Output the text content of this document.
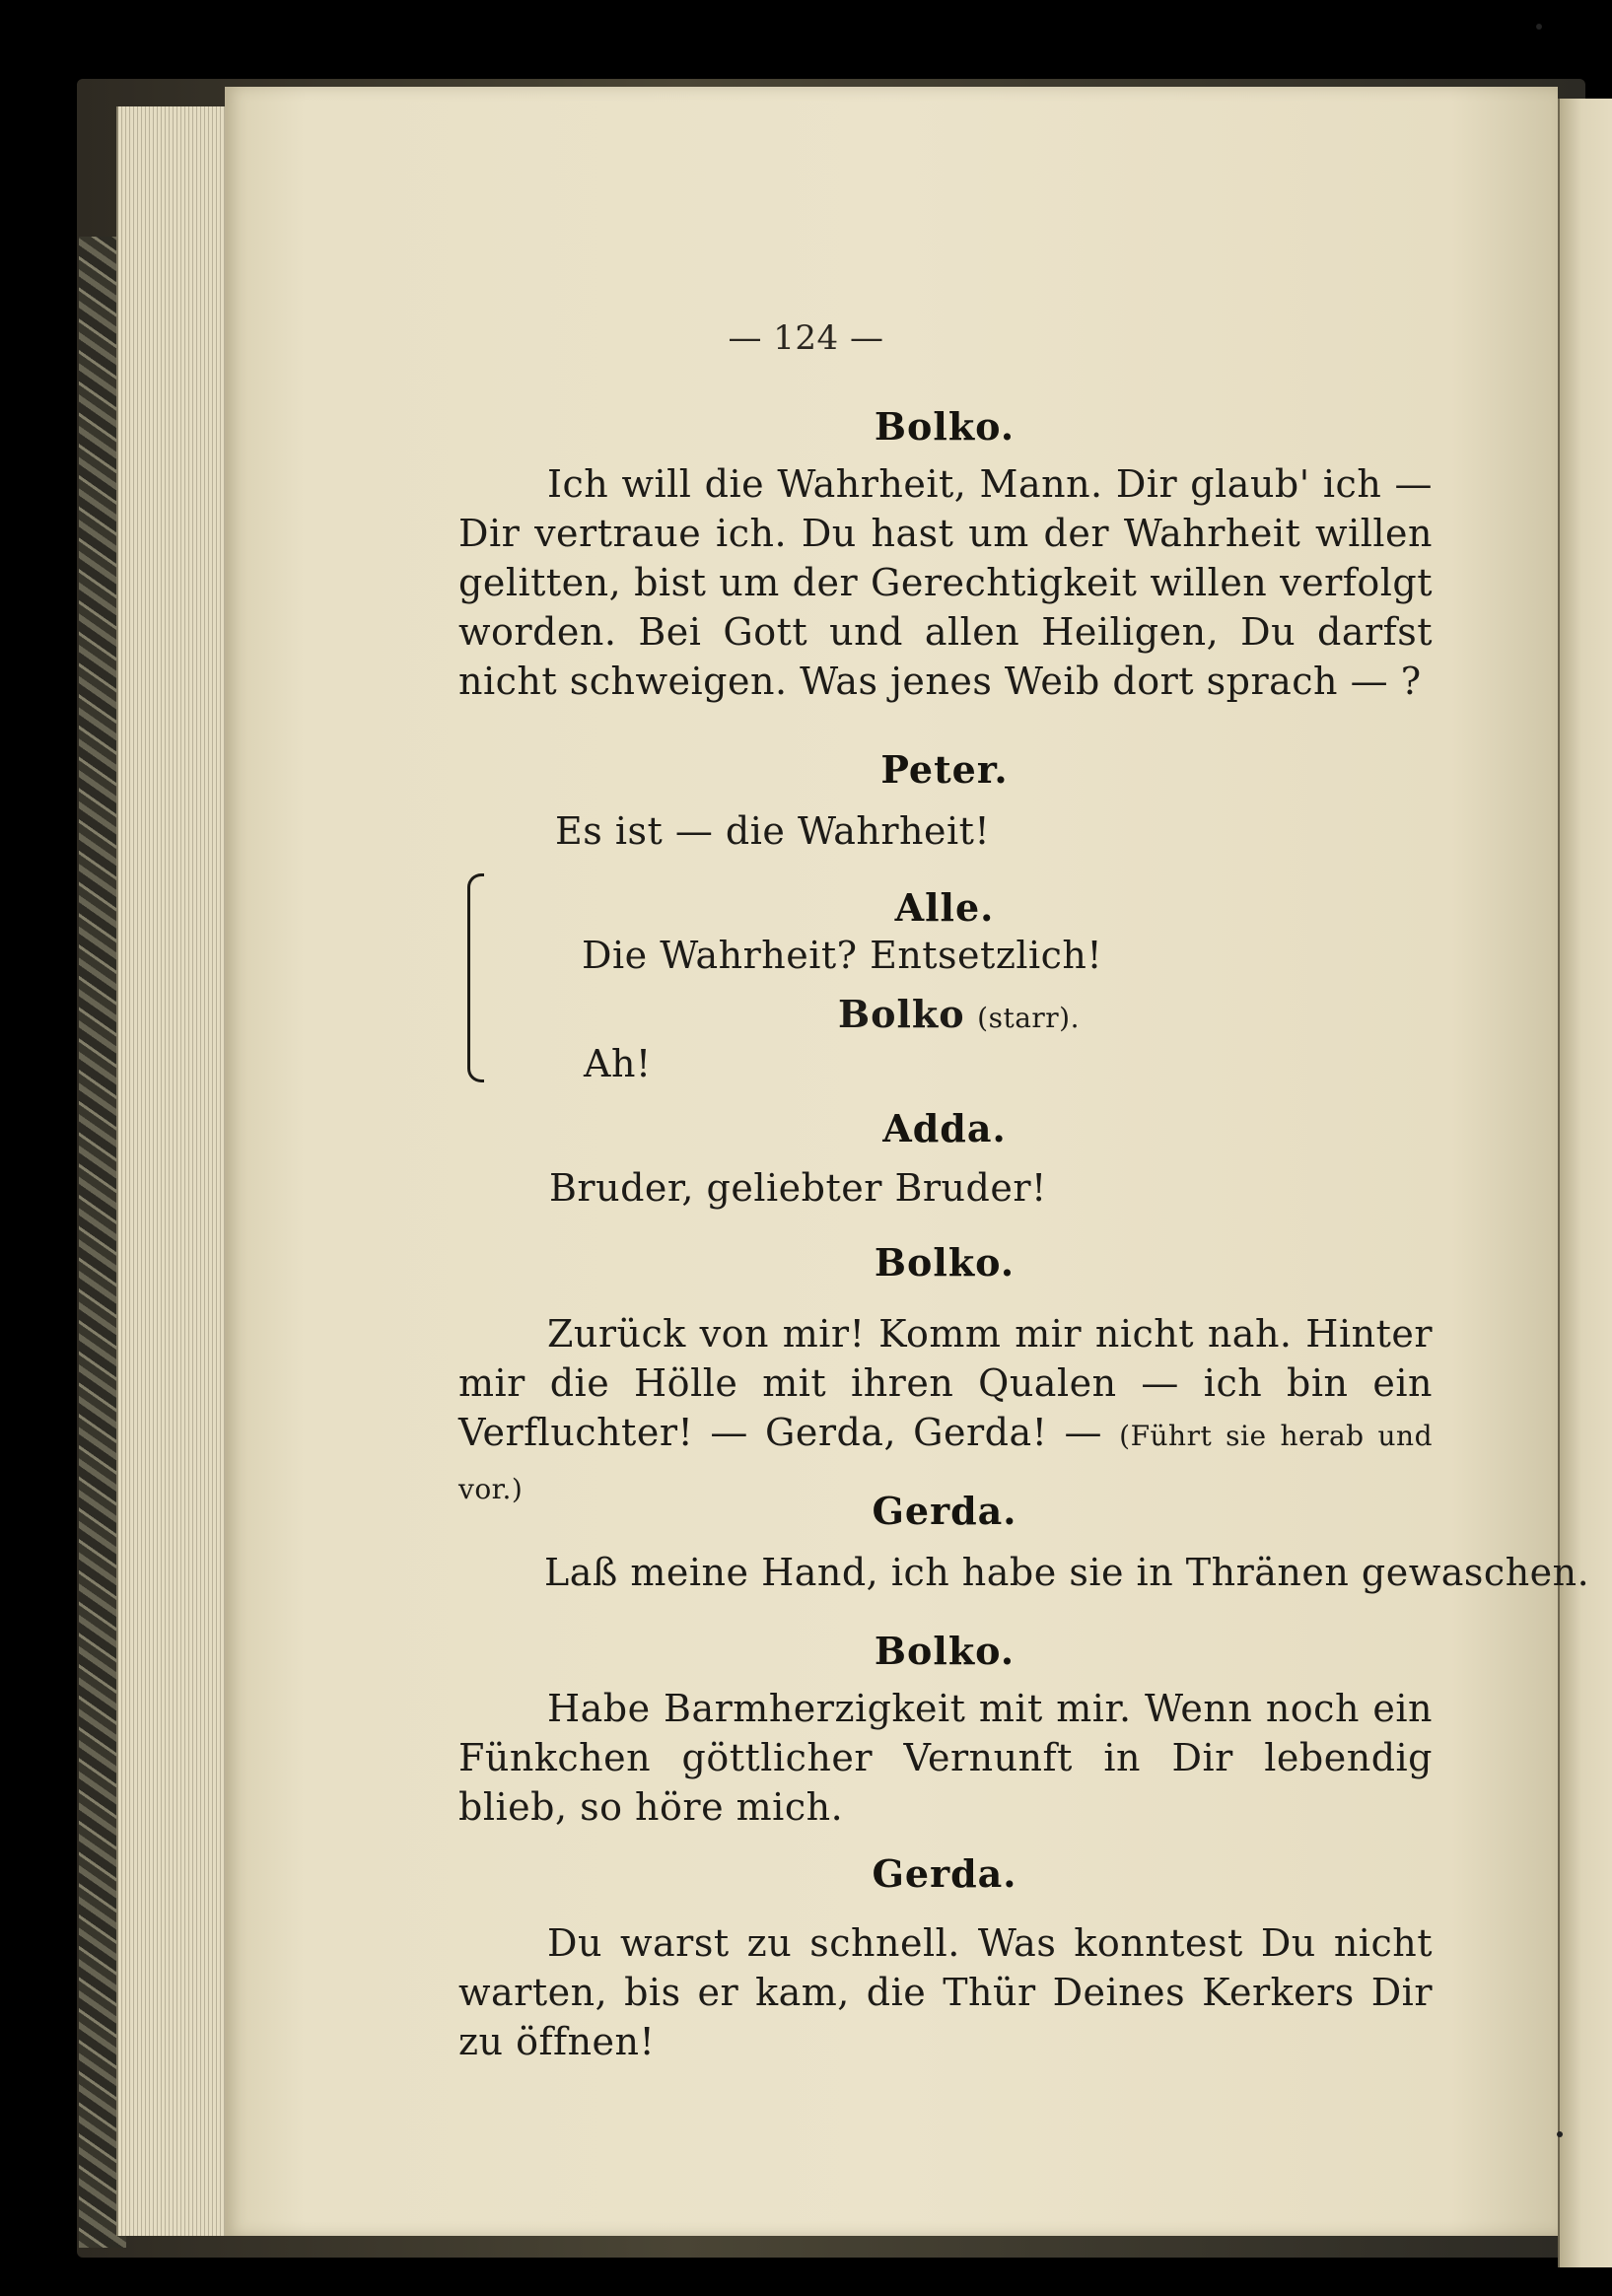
— 124 —
Bolko.
Ich will die Wahrheit, Mann. Dir glaub' ich — Dir vertraue ich. Du hast um der Wahrheit willen gelitten, bist um der Gerechtigkeit willen verfolgt worden. Bei Gott und allen Heiligen, Du darfst nicht schweigen. Was jenes Weib dort sprach — ?
Peter.
Es ist — die Wahrheit!
Alle.
Die Wahrheit? Entsetzlich!
Bolko (starr).
Ah!
Adda.
Bruder, geliebter Bruder!
Bolko.
Zurück von mir! Komm mir nicht nah. Hinter mir die Hölle mit ihren Qualen — ich bin ein Verfluchter! — Gerda, Gerda! — (Führt sie herab und vor.)	Gerda.
Laß meine Hand, ich habe sie in Thränen gewaschen.
Bolko.
Habe Barmherzigkeit mit mir. Wenn noch ein Fünkchen göttlicher Vernunft in Dir lebendig blieb, so höre mich.
Gerda.
Du warst zu schnell. Was konntest Du nicht warten, bis er kam, die Thür Deines Kerkers Dir zu öffnen!
